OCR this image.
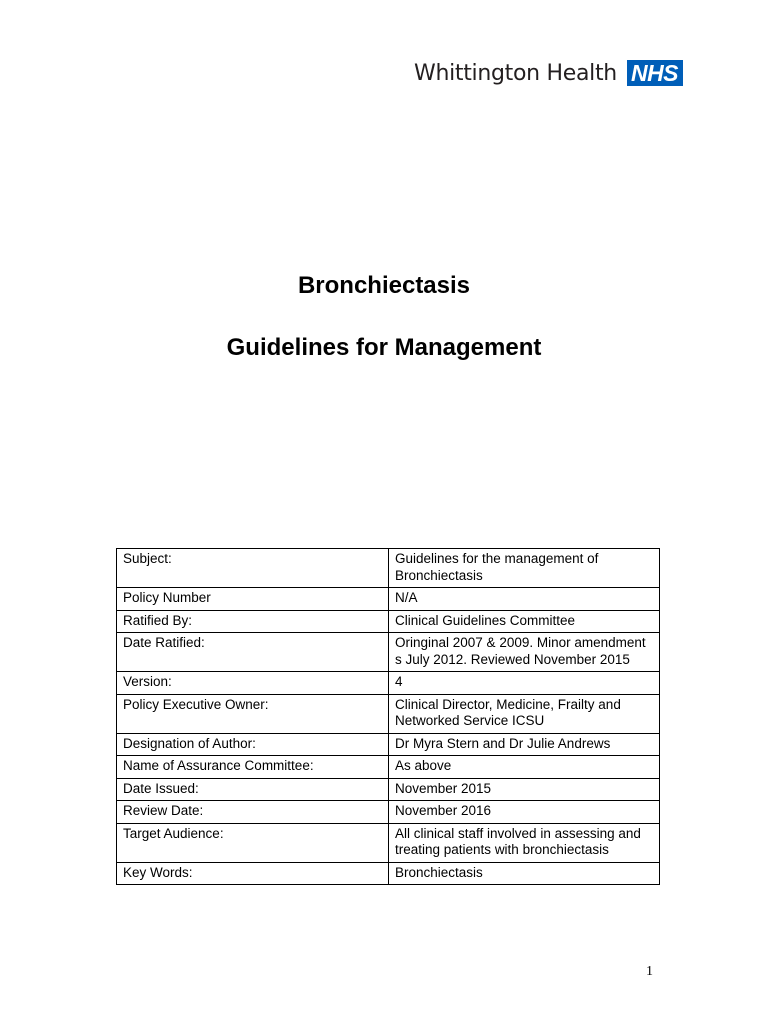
Whittington Health NHS
Bronchiectasis
Guidelines for Management
Subject:	Guidelines for the management of Bronchiectasis
Policy Number	N/A
Ratified By:	Clinical Guidelines Committee
Date Ratified:	Oringinal 2007 & 2009. Minor amendment s July 2012. Reviewed November 2015
Version:	4
Policy Executive Owner:	Clinical Director, Medicine, Frailty and Networked Service ICSU
Designation of Author:	Dr Myra Stern and Dr Julie Andrews
Name of Assurance Committee:	As above
Date Issued:	November 2015
Review Date:	November 2016
Target Audience:	All clinical staff involved in assessing and treating patients with bronchiectasis
Key Words:	Bronchiectasis
1
